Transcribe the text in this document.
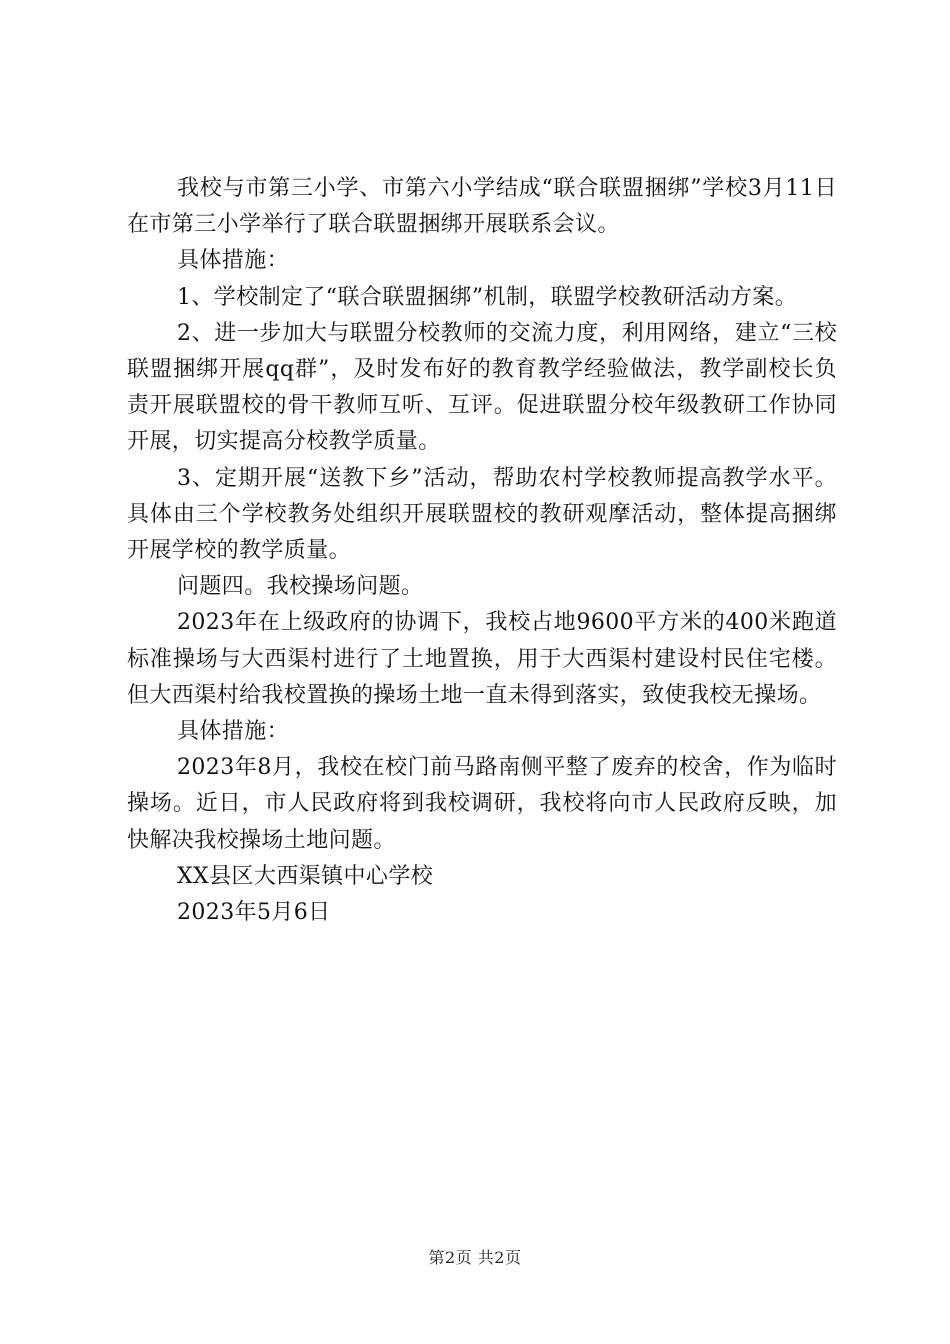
我校与市第三小学、市第六小学结成“联合联盟捆绑”学校3月11日在市第三小学举行了联合联盟捆绑开展联系会议。

具体措施：

1、学校制定了“联合联盟捆绑”机制，联盟学校教研活动方案。

2、进一步加大与联盟分校教师的交流力度，利用网络，建立“三校联盟捆绑开展qq群”，及时发布好的教育教学经验做法，教学副校长负责开展联盟校的骨干教师互听、互评。促进联盟分校年级教研工作协同开展，切实提高分校教学质量。

3、定期开展“送教下乡”活动，帮助农村学校教师提高教学水平。具体由三个学校教务处组织开展联盟校的教研观摩活动，整体提高捆绑开展学校的教学质量。

问题四。我校操场问题。

2023年在上级政府的协调下，我校占地9600平方米的400米跑道标准操场与大西渠村进行了土地置换，用于大西渠村建设村民住宅楼。但大西渠村给我校置换的操场土地一直未得到落实，致使我校无操场。

具体措施：

2023年8月，我校在校门前马路南侧平整了废弃的校舍，作为临时操场。近日，市人民政府将到我校调研，我校将向市人民政府反映，加快解决我校操场土地问题。

XX县区大西渠镇中心学校

2023年5月6日

第2页 共2页
